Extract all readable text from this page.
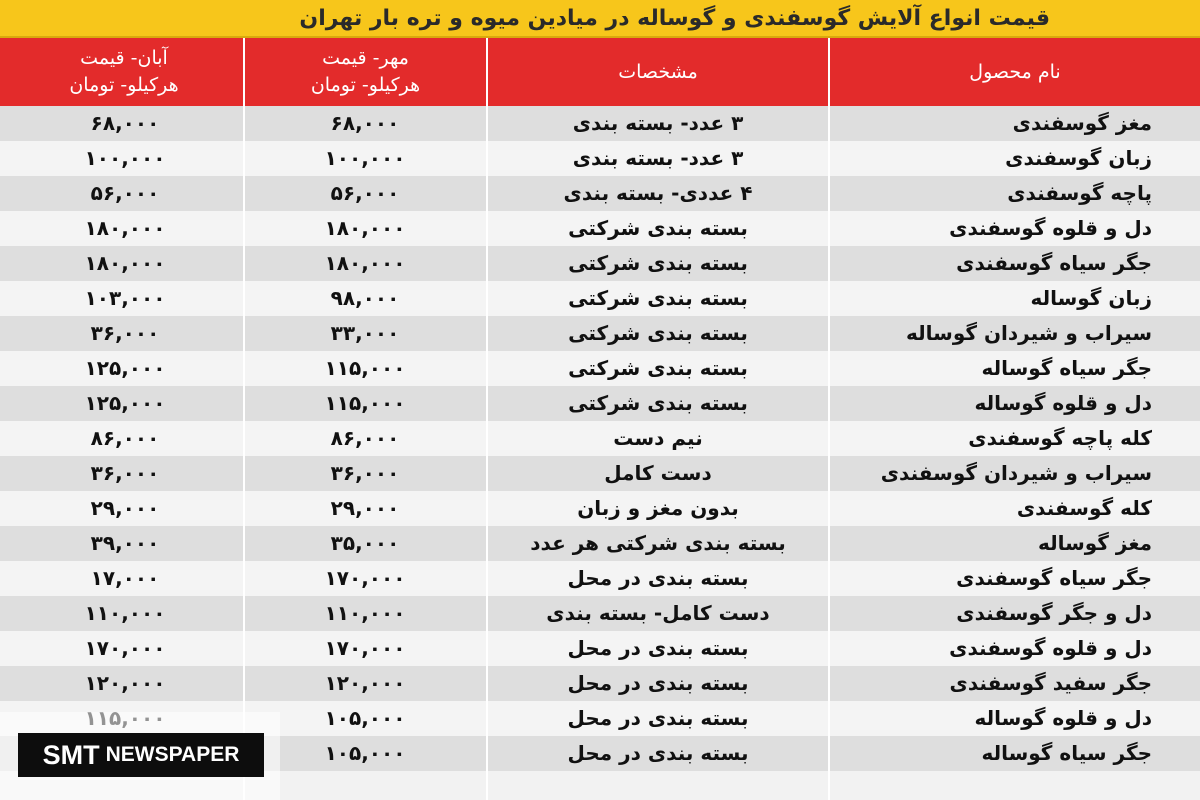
قیمت انواع آلایش گوسفندی و گوساله در میادین میوه و تره بار تهران
نام محصول
مشخصات
مهر- قیمت
هرکیلو- تومان
آبان- قیمت
هرکیلو- تومان
مغز گوسفندی
۳ عدد- بسته بندی
۶۸,۰۰۰
۶۸,۰۰۰
زبان گوسفندی
۳ عدد- بسته بندی
۱۰۰,۰۰۰
۱۰۰,۰۰۰
پاچه گوسفندی
۴ عددی- بسته بندی
۵۶,۰۰۰
۵۶,۰۰۰
دل و قلوه گوسفندی
بسته بندی شرکتی
۱۸۰,۰۰۰
۱۸۰,۰۰۰
جگر سیاه گوسفندی
بسته بندی شرکتی
۱۸۰,۰۰۰
۱۸۰,۰۰۰
زبان گوساله
بسته بندی شرکتی
۹۸,۰۰۰
۱۰۳,۰۰۰
سیراب و شیردان گوساله
بسته بندی شرکتی
۳۳,۰۰۰
۳۶,۰۰۰
جگر سیاه گوساله
بسته بندی شرکتی
۱۱۵,۰۰۰
۱۲۵,۰۰۰
دل و قلوه گوساله
بسته بندی شرکتی
۱۱۵,۰۰۰
۱۲۵,۰۰۰
کله پاچه گوسفندی
نیم دست
۸۶,۰۰۰
۸۶,۰۰۰
سیراب و شیردان گوسفندی
دست کامل
۳۶,۰۰۰
۳۶,۰۰۰
کله گوسفندی
بدون مغز و زبان
۲۹,۰۰۰
۲۹,۰۰۰
مغز گوساله
بسته بندی شرکتی هر عدد
۳۵,۰۰۰
۳۹,۰۰۰
جگر سیاه گوسفندی
بسته بندی در محل
۱۷۰,۰۰۰
۱۷,۰۰۰
دل و جگر گوسفندی
دست کامل- بسته بندی
۱۱۰,۰۰۰
۱۱۰,۰۰۰
دل و قلوه گوسفندی
بسته بندی در محل
۱۷۰,۰۰۰
۱۷۰,۰۰۰
جگر سفید گوسفندی
بسته بندی در محل
۱۲۰,۰۰۰
۱۲۰,۰۰۰
دل و قلوه گوساله
بسته بندی در محل
۱۰۵,۰۰۰
جگر سیاه گوساله
بسته بندی در محل
۱۰۵,۰۰۰
SMT NEWSPAPER
